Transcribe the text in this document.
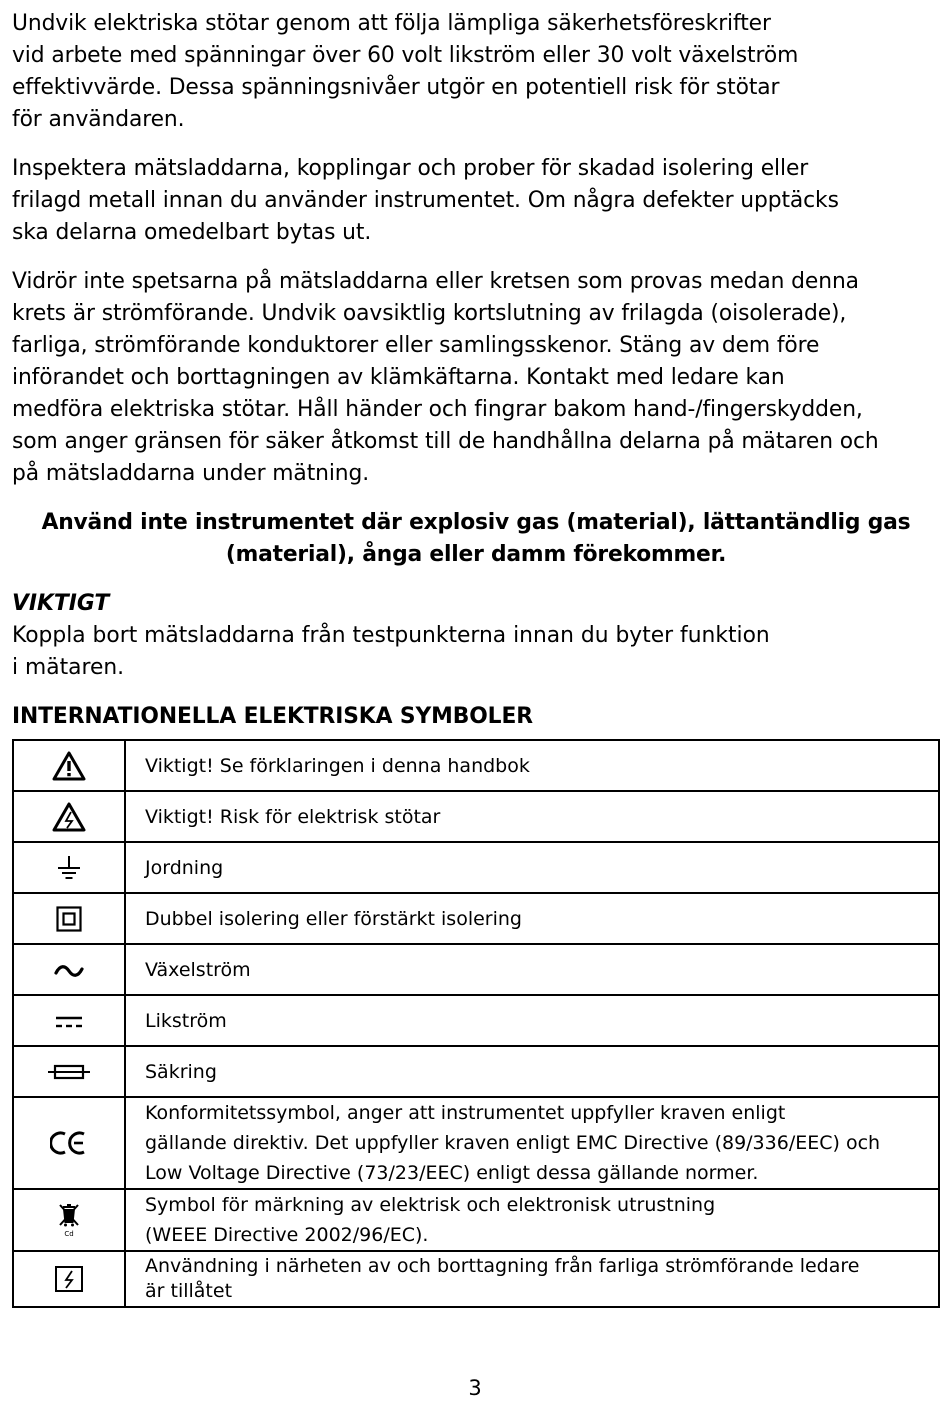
Undvik elektriska stötar genom att följa lämpliga säkerhetsföreskrifter
vid arbete med spänningar över 60 volt likström eller 30 volt växelström
effektivvärde. Dessa spänningsnivåer utgör en potentiell risk för stötar
för användaren.

Inspektera mätsladdarna, kopplingar och prober för skadad isolering eller
frilagd metall innan du använder instrumentet. Om några defekter upptäcks
ska delarna omedelbart bytas ut.

Vidrör inte spetsarna på mätsladdarna eller kretsen som provas medan denna
krets är strömförande. Undvik oavsiktlig kortslutning av frilagda (oisolerade),
farliga, strömförande konduktorer eller samlingsskenor. Stäng av dem före
införandet och borttagningen av klämkäftarna. Kontakt med ledare kan
medföra elektriska stötar. Håll händer och fingrar bakom hand-/fingerskydden,
som anger gränsen för säker åtkomst till de handhållna delarna på mätaren och
på mätsladdarna under mätning.

Använd inte instrumentet där explosiv gas (material), lättantändlig gas
(material), ånga eller damm förekommer.
VIKTIGT
Koppla bort mätsladdarna från testpunkterna innan du byter funktion
i mätaren.
INTERNATIONELLA ELEKTRISKA SYMBOLER

Viktigt! Se förklaringen i denna handbok

Viktigt! Risk för elektrisk stötar

Jordning

Dubbel isolering eller förstärkt isolering

Växelström

Likström

Säkring

Konformitetssymbol, anger att instrumentet uppfyller kraven enligt
gällande direktiv. Det uppfyller kraven enligt EMC Directive (89/336/EEC) och
Low Voltage Directive (73/23/EEC) enligt dessa gällande normer.

Cd	Symbol för märkning av elektrisk och elektronisk utrustning
(WEEE Directive 2002/96/EC).

Användning i närheten av och borttagning från farliga strömförande ledare
är tillåtet
3
